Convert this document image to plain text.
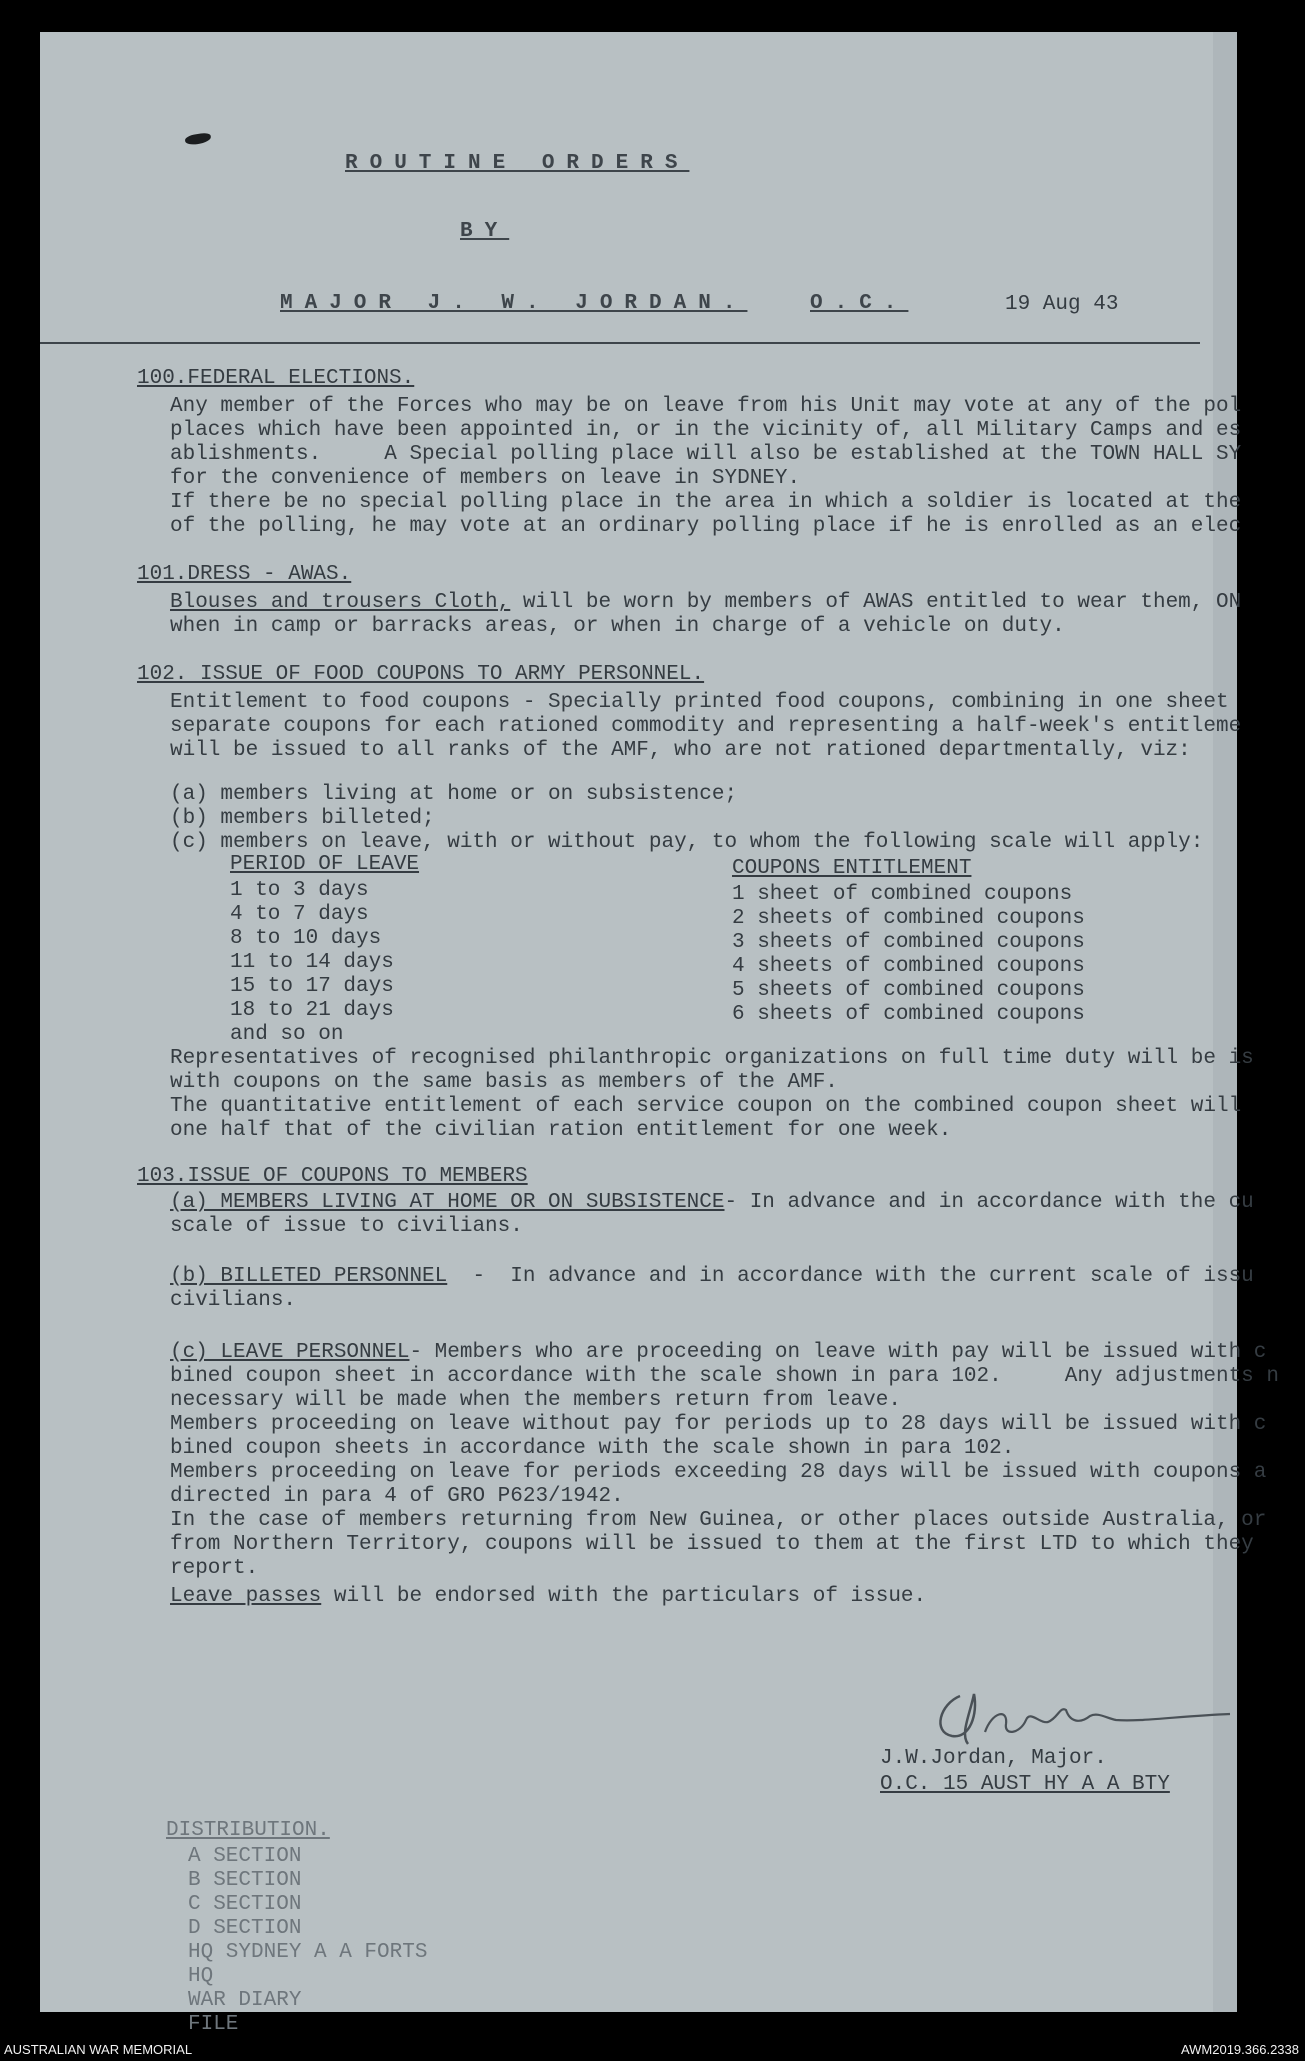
ROUTINE ORDERS
BY
MAJOR J. W. JORDAN.	O.C.	19 Aug 43
100.FEDERAL ELECTIONS.
Any member of the Forces who may be on leave from his Unit may vote at any of the pol
places which have been appointed in, or in the vicinity of, all Military Camps and es
ablishments.     A Special polling place will also be established at the TOWN HALL SY
for the convenience of members on leave in SYDNEY.
If there be no special polling place in the area in which a soldier is located at the
of the polling, he may vote at an ordinary polling place if he is enrolled as an elec
101.DRESS - AWAS.
Blouses and trousers Cloth, will be worn by members of AWAS entitled to wear them, ON
when in camp or barracks areas, or when in charge of a vehicle on duty.
102. ISSUE OF FOOD COUPONS TO ARMY PERSONNEL.
Entitlement to food coupons - Specially printed food coupons, combining in one sheet
separate coupons for each rationed commodity and representing a half-week's entitleme
will be issued to all ranks of the AMF, who are not rationed departmentally, viz:
(a) members living at home or on subsistence;
(b) members billeted;
(c) members on leave, with or without pay, to whom the following scale will apply:
PERIOD OF LEAVE	COUPONS ENTITLEMENT
1 to 3 days	1 sheet of combined coupons
4 to 7 days	2 sheets of combined coupons
8 to 10 days	3 sheets of combined coupons
11 to 14 days	4 sheets of combined coupons
15 to 17 days	5 sheets of combined coupons
18 to 21 days	6 sheets of combined coupons
and so on
Representatives of recognised philanthropic organizations on full time duty will be is
with coupons on the same basis as members of the AMF.
The quantitative entitlement of each service coupon on the combined coupon sheet will
one half that of the civilian ration entitlement for one week.
103.ISSUE OF COUPONS TO MEMBERS
(a) MEMBERS LIVING AT HOME OR ON SUBSISTENCE- In advance and in accordance with the cu
scale of issue to civilians.
(b) BILLETED PERSONNEL  -  In advance and in accordance with the current scale of issu
civilians.
(c) LEAVE PERSONNEL- Members who are proceeding on leave with pay will be issued with c
bined coupon sheet in accordance with the scale shown in para 102.     Any adjustments n
necessary will be made when the members return from leave.
Members proceeding on leave without pay for periods up to 28 days will be issued with c
bined coupon sheets in accordance with the scale shown in para 102.
Members proceeding on leave for periods exceeding 28 days will be issued with coupons a
directed in para 4 of GRO P623/1942.
In the case of members returning from New Guinea, or other places outside Australia, or
from Northern Territory, coupons will be issued to them at the first LTD to which they
report.
Leave passes will be endorsed with the particulars of issue.
J.W.Jordan, Major.
O.C. 15 AUST HY A A BTY
DISTRIBUTION.
A SECTION
B SECTION
C SECTION
D SECTION
HQ SYDNEY A A FORTS
HQ
WAR DIARY
FILE
AUSTRALIAN WAR MEMORIAL	AWM2019.366.2338
